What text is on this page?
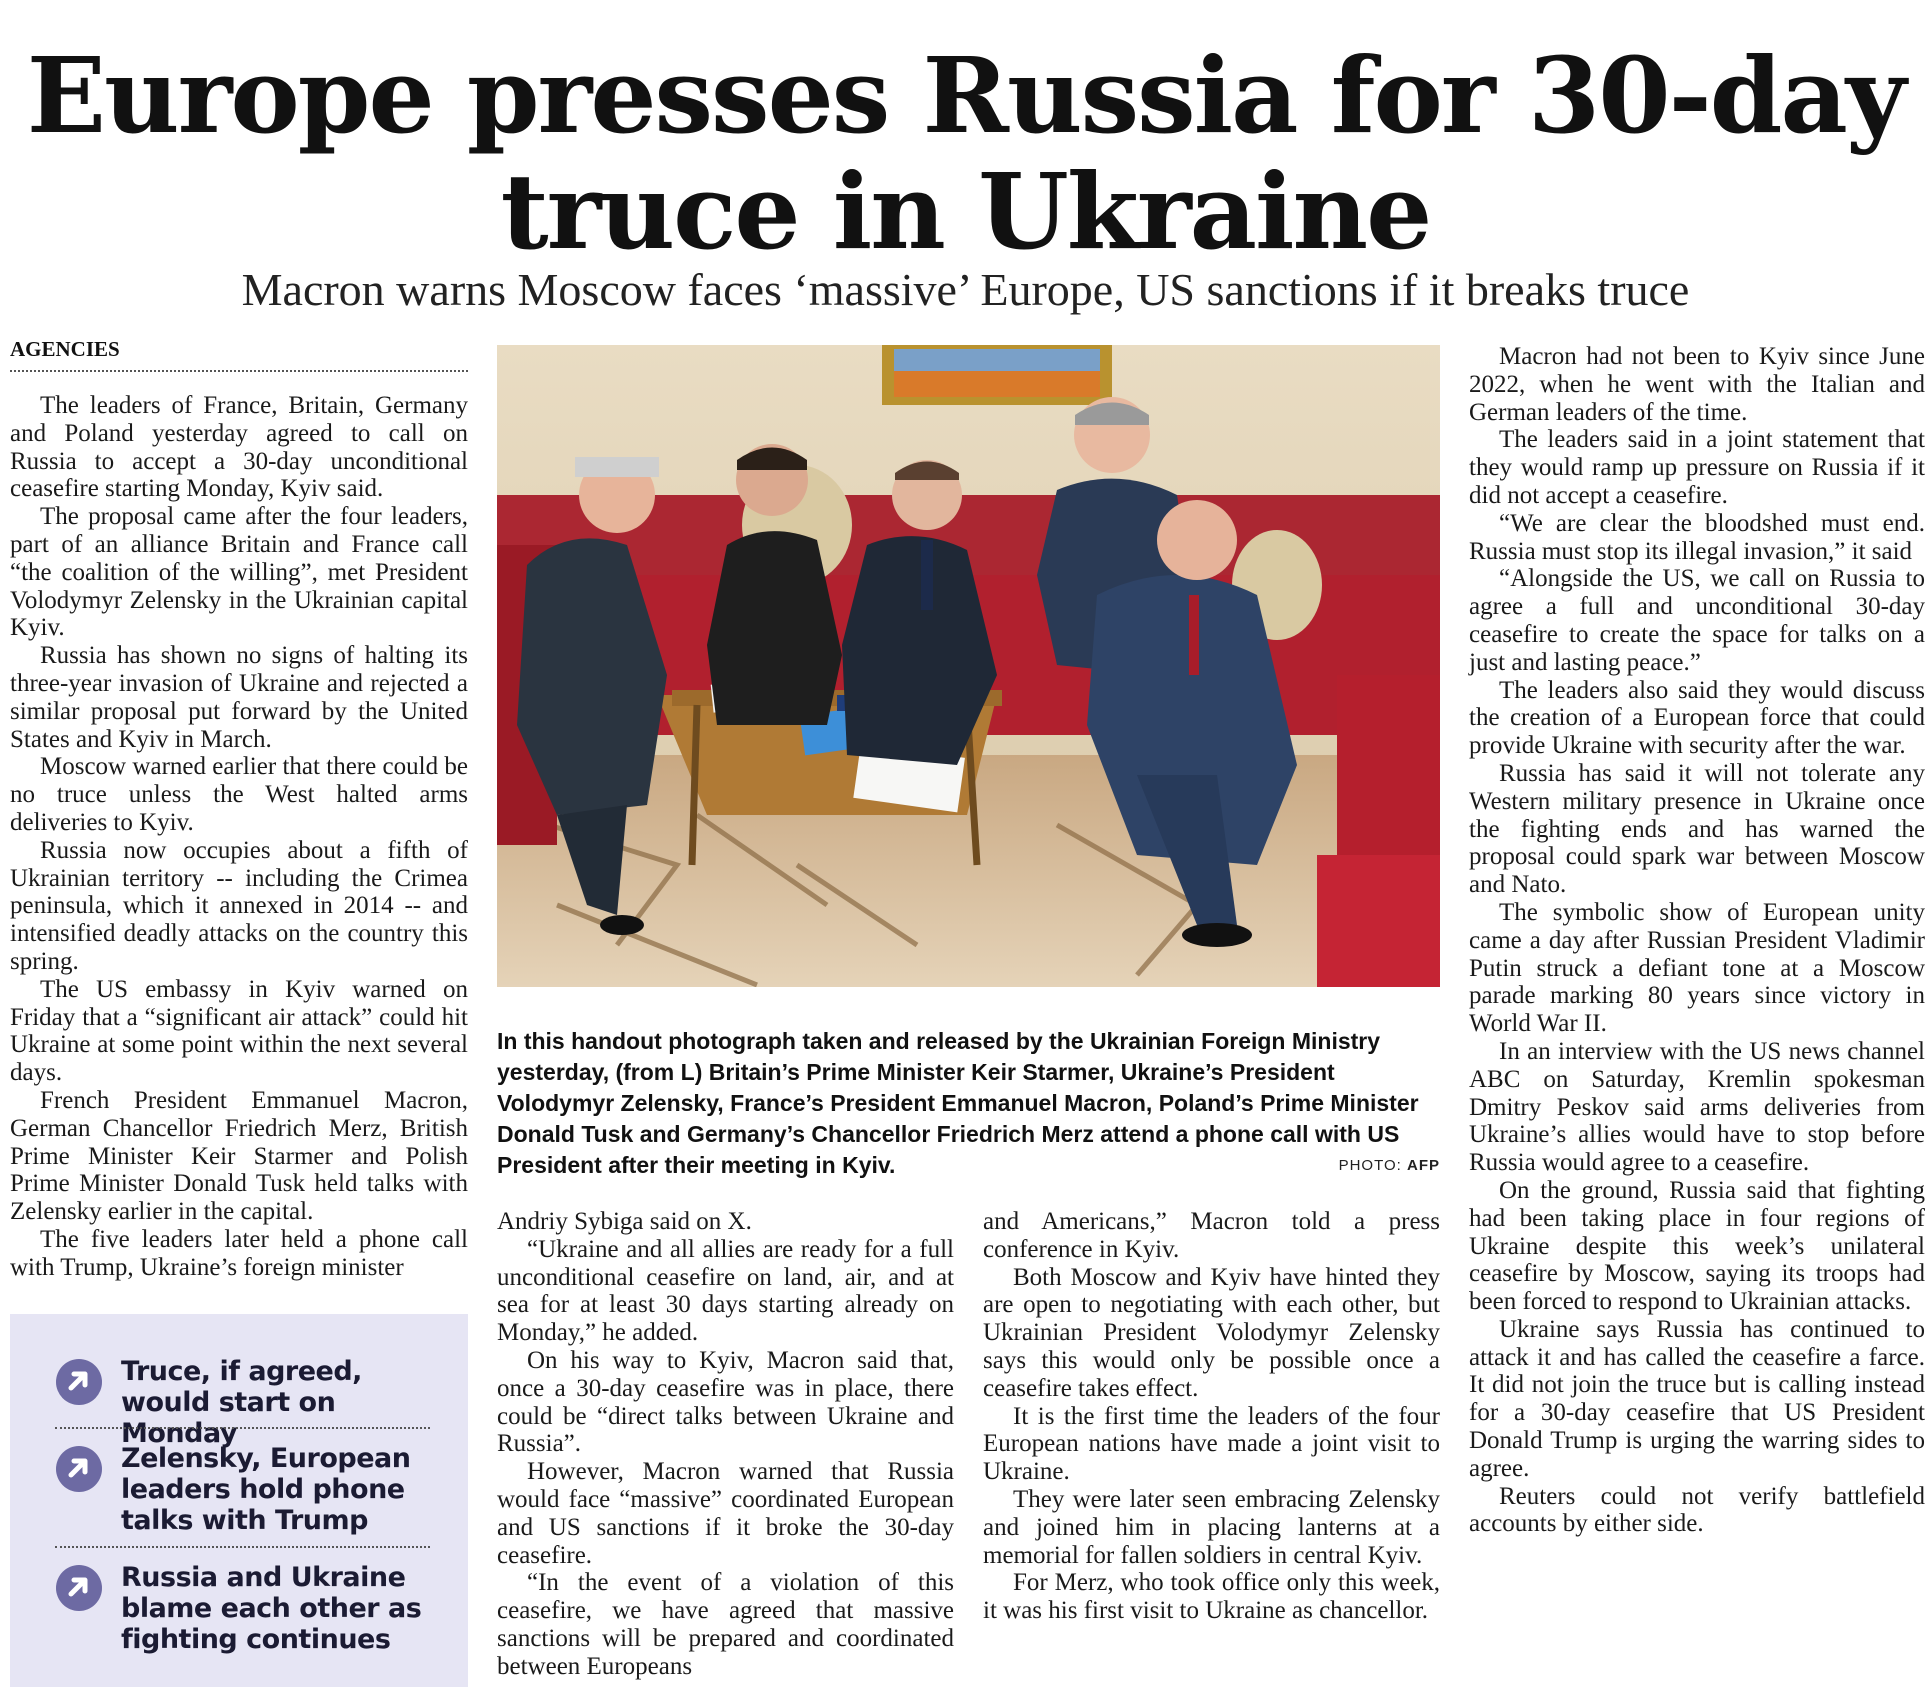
Europe presses Russia for 30-day
truce in Ukraine
Macron warns Moscow faces ‘massive’ Europe, US sanctions if it breaks truce
AGENCIES

The leaders of France, Britain, Germany and Poland yesterday agreed to call on Russia to accept a 30-day unconditional ceasefire starting Monday, Kyiv said.

The proposal came after the four leaders, part of an alliance Britain and France call “the coalition of the willing”, met President Volodymyr Zelensky in the Ukrainian capital Kyiv.

Russia has shown no signs of halting its three-year invasion of Ukraine and rejected a similar proposal put forward by the United States and Kyiv in March.

Moscow warned earlier that there could be no truce unless the West halted arms deliveries to Kyiv.

Russia now occupies about a fifth of Ukrainian territory -- including the Crimea peninsula, which it annexed in 2014 -- and intensified deadly attacks on the country this spring.

The US embassy in Kyiv warned on Friday that a “significant air attack” could hit Ukraine at some point within the next several days.

French President Emmanuel Macron, German Chancellor Friedrich Merz, British Prime Minister Keir Starmer and Polish Prime Minister Donald Tusk held talks with Zelensky earlier in the capital.

The five leaders later held a phone call with Trump, Ukraine’s foreign minister

In this handout photograph taken and released by the Ukrainian Foreign Ministry yesterday, (from L) Britain’s Prime Minister Keir Starmer, Ukraine’s President Volodymyr Zelensky, France’s President Emmanuel Macron, Poland’s Prime Minister Donald Tusk and Germany’s Chancellor Friedrich Merz attend a phone call with US President after their meeting in Kyiv.	PHOTO: AFP

Andriy Sybiga said on X.

“Ukraine and all allies are ready for a full unconditional ceasefire on land, air, and at sea for at least 30 days starting already on Monday,” he added.

On his way to Kyiv, Macron said that, once a 30-day ceasefire was in place, there could be “direct talks between Ukraine and Russia”.

However, Macron warned that Russia would face “massive” coordinated European and US sanctions if it broke the 30-day ceasefire.

“In the event of a violation of this ceasefire, we have agreed that massive sanctions will be prepared and coordinated between Europeans

and Americans,” Macron told a press conference in Kyiv.

Both Moscow and Kyiv have hinted they are open to negotiating with each other, but Ukrainian President Volodymyr Zelensky says this would only be possible once a ceasefire takes effect.

It is the first time the leaders of the four European nations have made a joint visit to Ukraine.

They were later seen embracing Zelensky and joined him in placing lanterns at a memorial for fallen soldiers in central Kyiv.

For Merz, who took office only this week, it was his first visit to Ukraine as chancellor.

Macron had not been to Kyiv since June 2022, when he went with the Italian and German leaders of the time.

The leaders said in a joint statement that they would ramp up pressure on Russia if it did not accept a ceasefire.

“We are clear the bloodshed must end. Russia must stop its illegal invasion,” it said

“Alongside the US, we call on Russia to agree a full and unconditional 30-day ceasefire to create the space for talks on a just and lasting peace.”

The leaders also said they would discuss the creation of a European force that could provide Ukraine with security after the war.

Russia has said it will not tolerate any Western military presence in Ukraine once the fighting ends and has warned the proposal could spark war between Moscow and Nato.

The symbolic show of European unity came a day after Russian President Vladimir Putin struck a defiant tone at a Moscow parade marking 80 years since victory in World War II.

In an interview with the US news channel ABC on Saturday, Kremlin spokesman Dmitry Peskov said arms deliveries from Ukraine’s allies would have to stop before Russia would agree to a ceasefire.

On the ground, Russia said that fighting had been taking place in four regions of Ukraine despite this week’s unilateral ceasefire by Moscow, saying its troops had been forced to respond to Ukrainian attacks.

Ukraine says Russia has continued to attack it and has called the ceasefire a farce. It did not join the truce but is calling instead for a 30-day ceasefire that US President Donald Trump is urging the warring sides to agree.

Reuters could not verify battlefield accounts by either side.

Truce, if agreed, would start on Monday
Zelensky, European leaders hold phone talks with Trump
Russia and Ukraine blame each other as fighting continues
